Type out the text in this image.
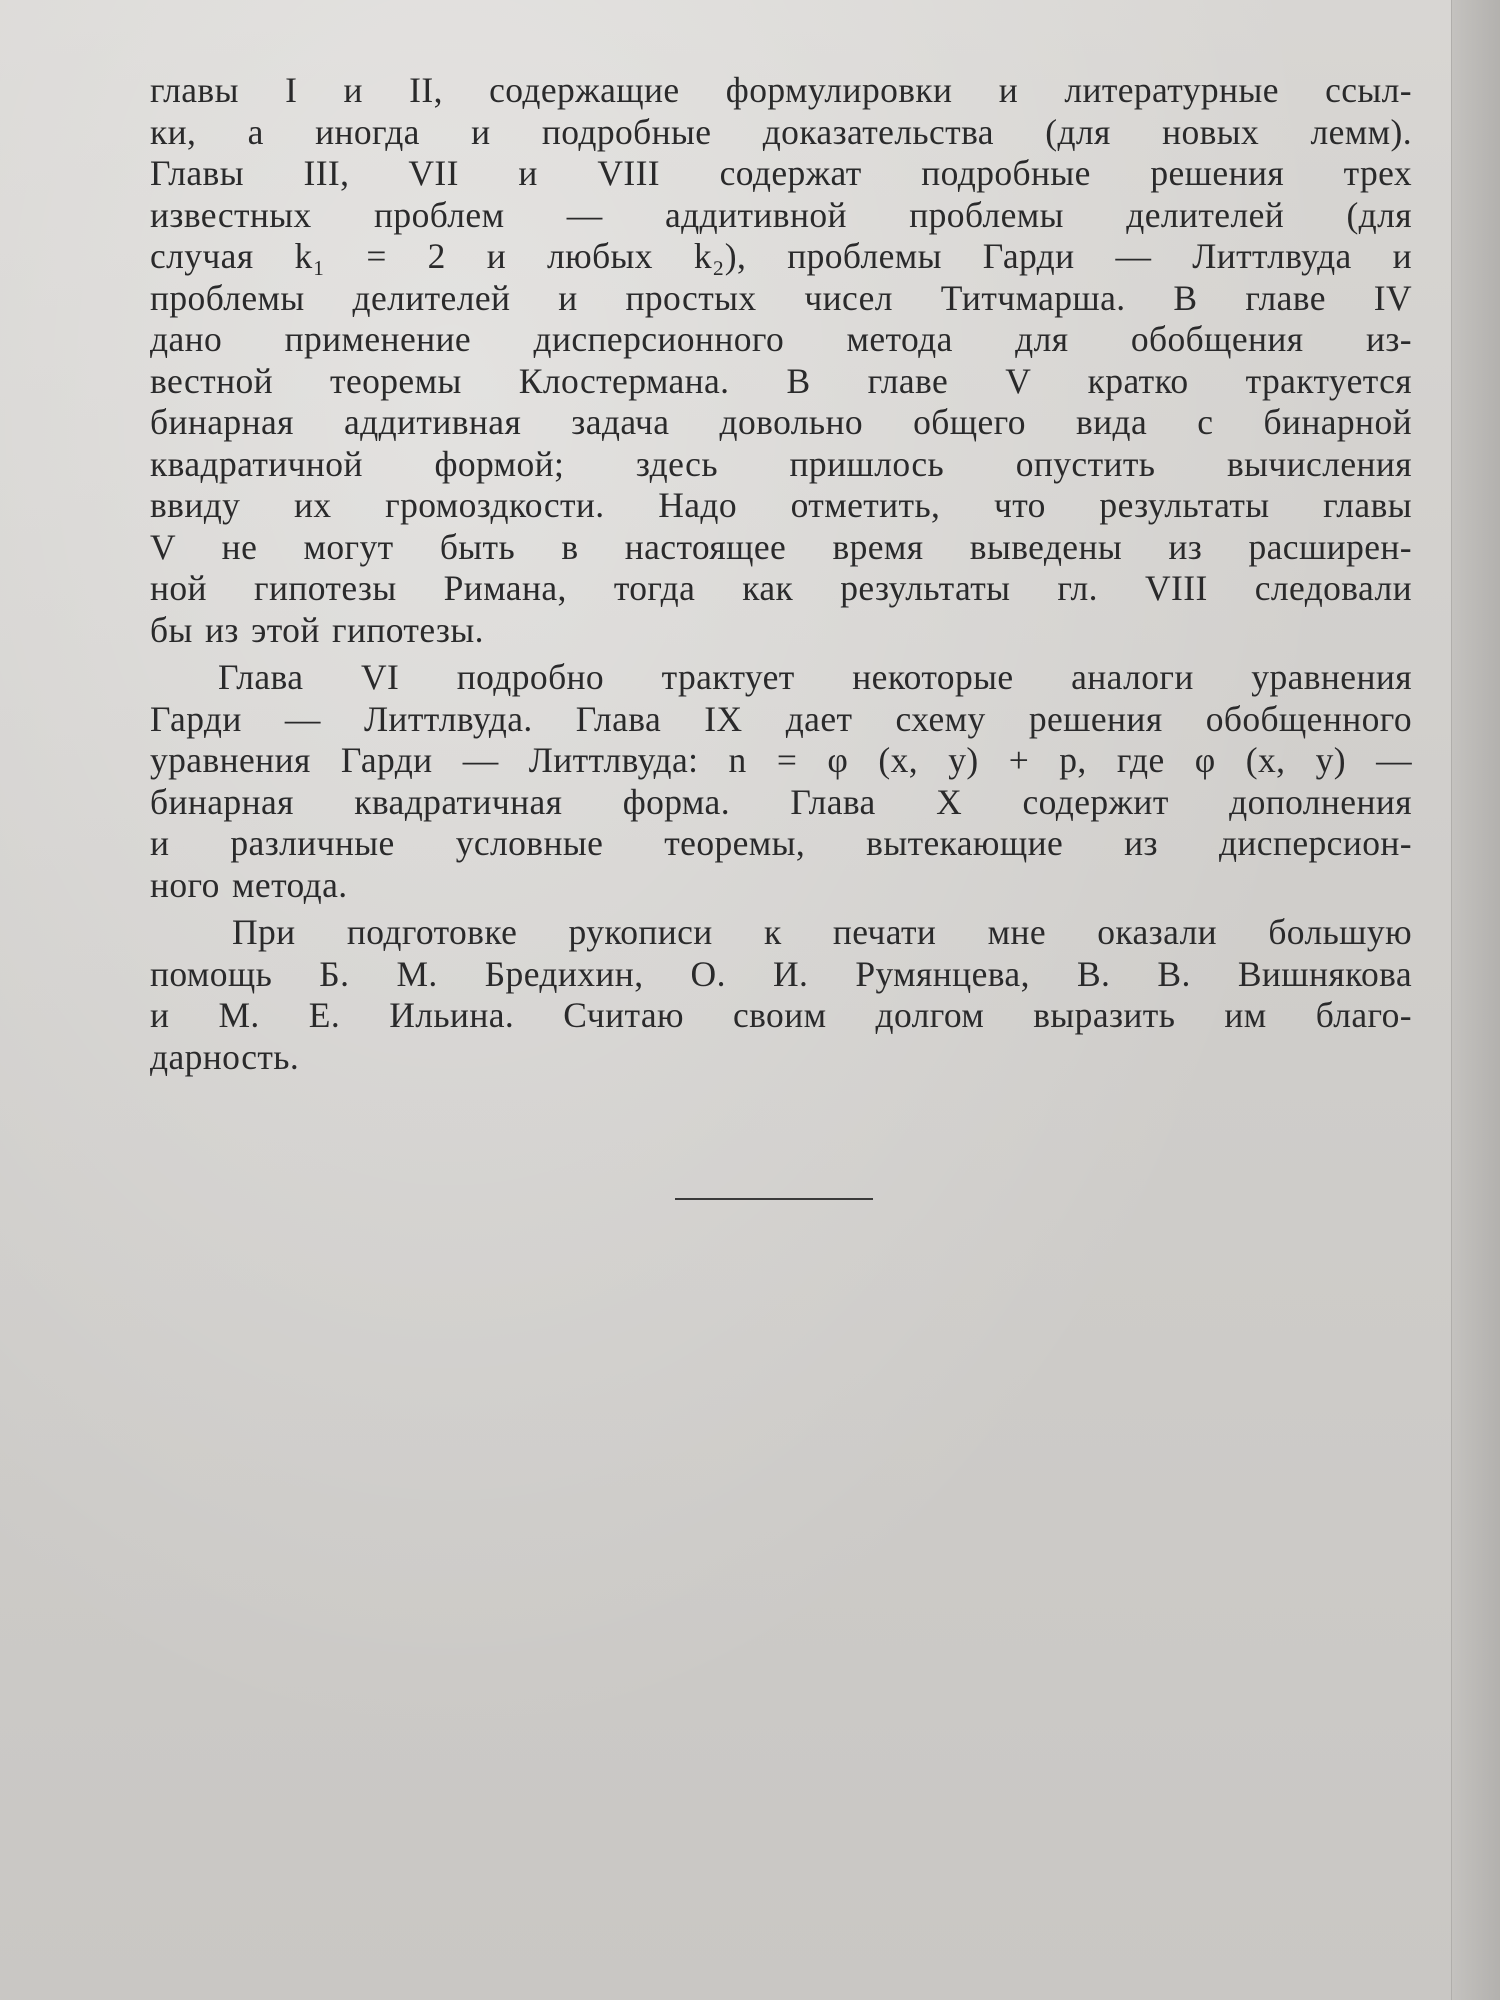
главы I и II, содержащие формулировки и литературные ссыл-
ки, а иногда и подробные доказательства (для новых лемм).
Главы III, VII и VIII содержат подробные решения трех
известных проблем — аддитивной проблемы делителей (для
случая k₁ = 2 и любых k₂), проблемы Гарди — Литтлвуда и
проблемы делителей и простых чисел Титчмарша. В главе IV
дано применение дисперсионного метода для обобщения из-
вестной теоремы Клостермана. В главе V кратко трактуется
бинарная аддитивная задача довольно общего вида с бинарной
квадратичной формой; здесь пришлось опустить вычисления
ввиду их громоздкости. Надо отметить, что результаты главы
V не могут быть в настоящее время выведены из расширен-
ной гипотезы Римана, тогда как результаты гл. VIII следовали
бы из этой гипотезы.

Глава VI подробно трактует некоторые аналоги уравнения
Гарди — Литтлвуда. Глава IX дает схему решения обобщенного
уравнения Гарди — Литтлвуда: n = φ (x, y) + p, где φ (x, y) —
бинарная квадратичная форма. Глава X содержит дополнения
и различные условные теоремы, вытекающие из дисперсион-
ного метода.

При подготовке рукописи к печати мне оказали большую
помощь Б. М. Бредихин, О. И. Румянцева, В. В. Вишнякова
и М. Е. Ильина. Считаю своим долгом выразить им благо-
дарность.
